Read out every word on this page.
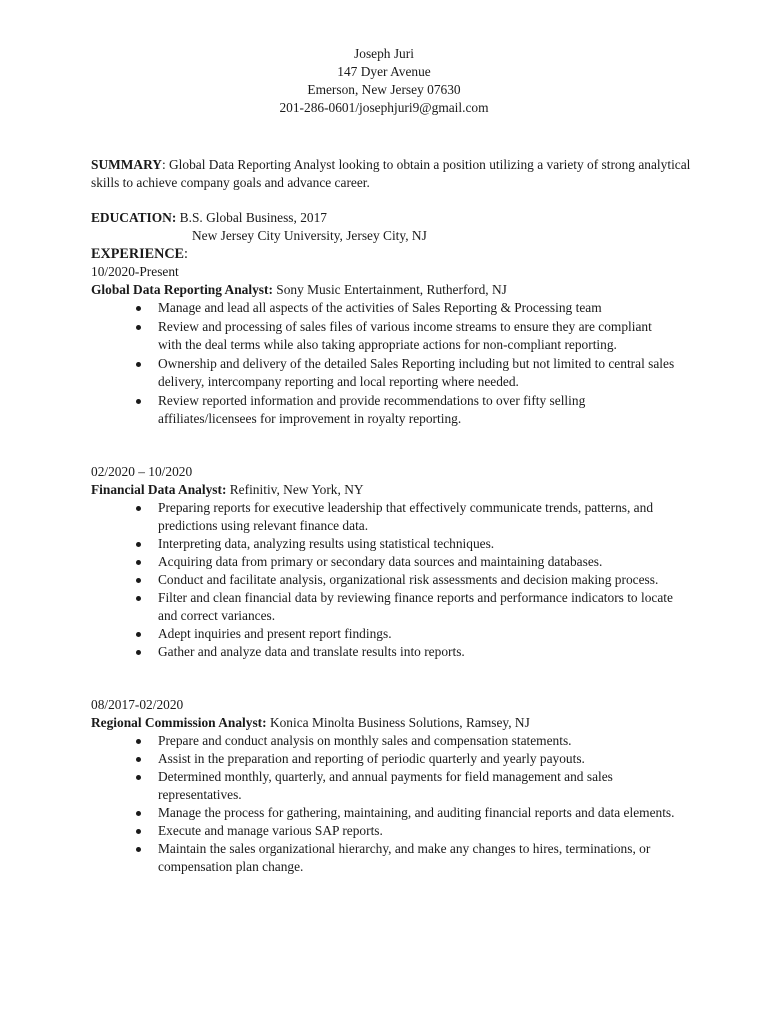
Joseph Juri
147 Dyer Avenue
Emerson, New Jersey 07630
201-286-0601/josephjuri9@gmail.com
SUMMARY: Global Data Reporting Analyst looking to obtain a position utilizing a variety of strong analytical skills to achieve company goals and advance career.
EDUCATION: B.S. Global Business, 2017
New Jersey City University, Jersey City, NJ
EXPERIENCE:
10/2020-Present
Global Data Reporting Analyst: Sony Music Entertainment, Rutherford, NJ
Manage and lead all aspects of the activities of Sales Reporting & Processing team
Review and processing of sales files of various income streams to ensure they are compliant with the deal terms while also taking appropriate actions for non-compliant reporting.
Ownership and delivery of the detailed Sales Reporting including but not limited to central sales delivery, intercompany reporting and local reporting where needed.
Review reported information and provide recommendations to over fifty selling affiliates/licensees for improvement in royalty reporting.
02/2020 – 10/2020
Financial Data Analyst: Refinitiv, New York, NY
Preparing reports for executive leadership that effectively communicate trends, patterns, and predictions using relevant finance data.
Interpreting data, analyzing results using statistical techniques.
Acquiring data from primary or secondary data sources and maintaining databases.
Conduct and facilitate analysis, organizational risk assessments and decision making process.
Filter and clean financial data by reviewing finance reports and performance indicators to locate and correct variances.
Adept inquiries and present report findings.
Gather and analyze data and translate results into reports.
08/2017-02/2020
Regional Commission Analyst: Konica Minolta Business Solutions, Ramsey, NJ
Prepare and conduct analysis on monthly sales and compensation statements.
Assist in the preparation and reporting of periodic quarterly and yearly payouts.
Determined monthly, quarterly, and annual payments for field management and sales representatives.
Manage the process for gathering, maintaining, and auditing financial reports and data elements.
Execute and manage various SAP reports.
Maintain the sales organizational hierarchy, and make any changes to hires, terminations, or compensation plan change.
